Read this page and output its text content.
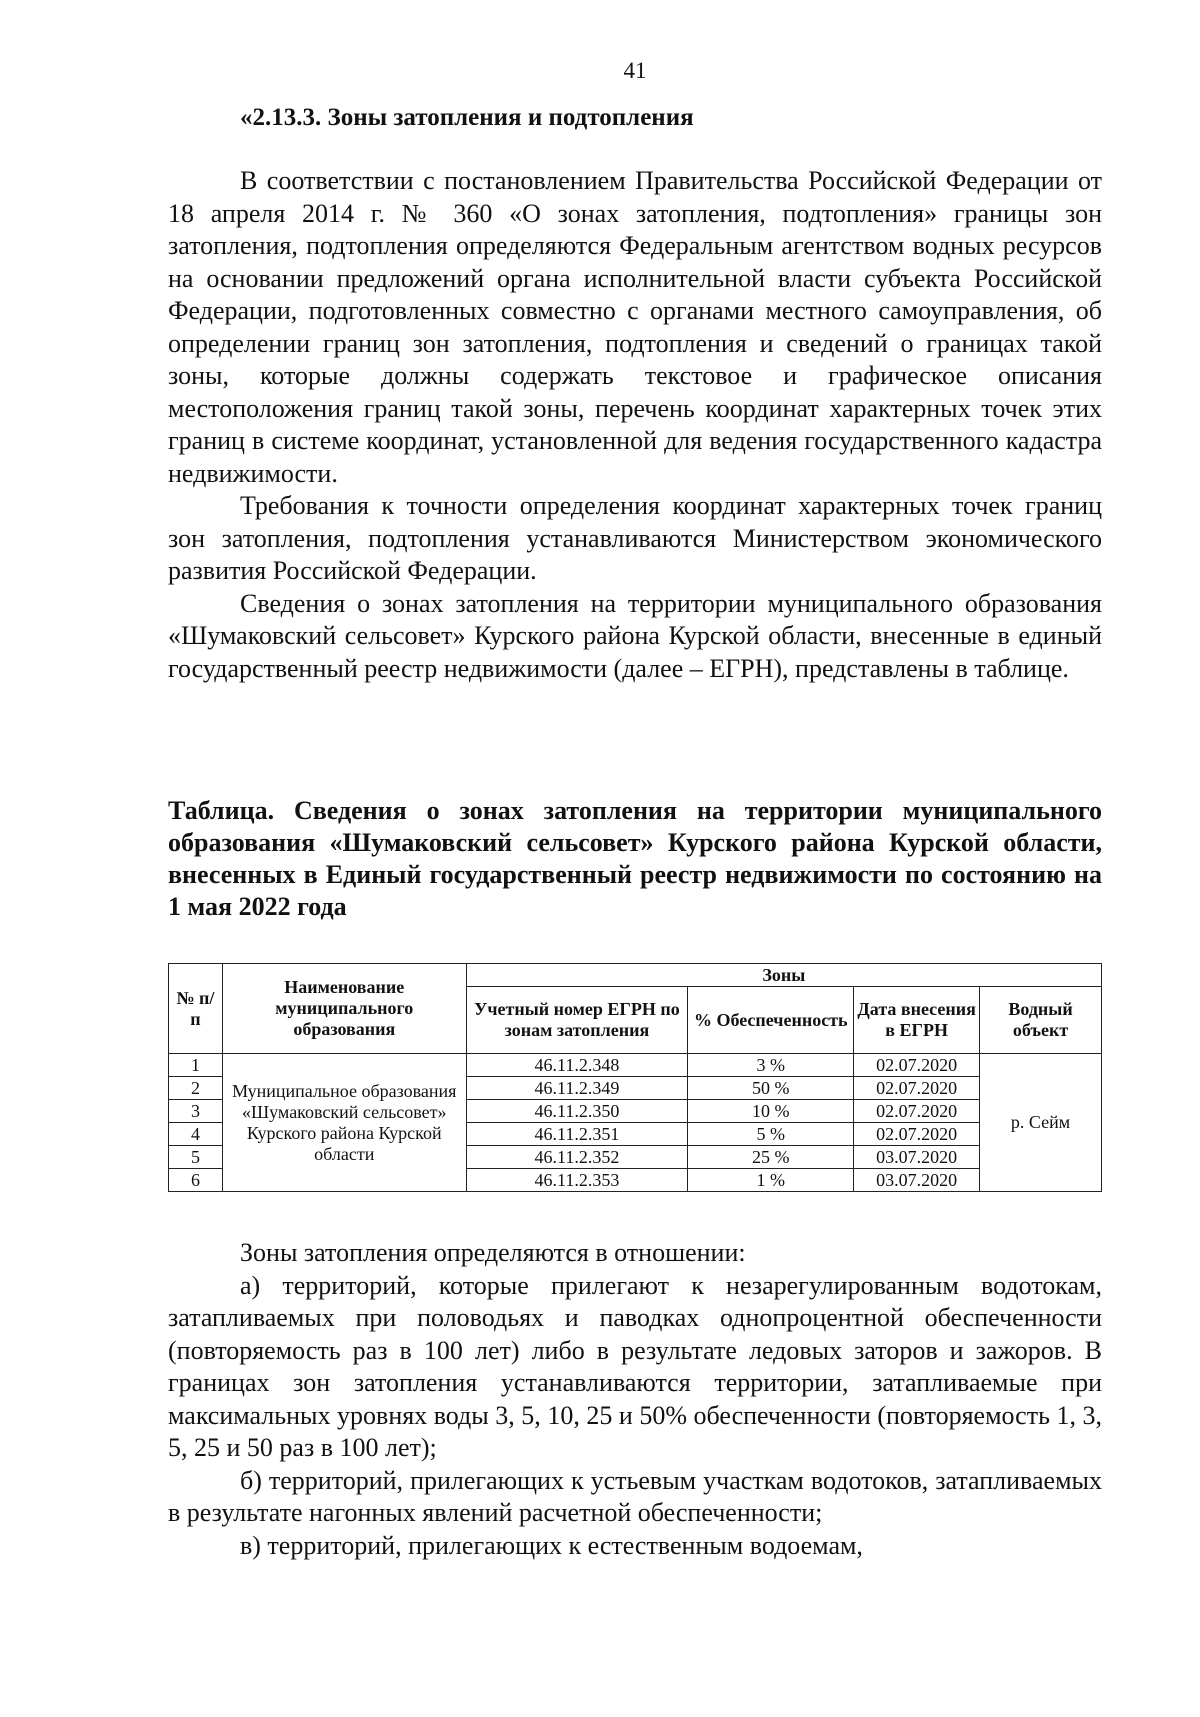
41
«2.13.3. Зоны затопления и подтопления

В соответствии с постановлением Правительства Российской Федерации от 18 апреля 2014 г. № 360 «О зонах затопления, подтопления» границы зон затопления, подтопления определяются Федеральным агентством водных ресурсов на основании предложений органа исполнительной власти субъекта Российской Федерации, подготовленных совместно с органами местного самоуправления, об определении границ зон затопления, подтопления и сведений о границах такой зоны, которые должны содержать текстовое и графическое описания местоположения границ такой зоны, перечень координат характерных точек этих границ в системе координат, установленной для ведения государственного кадастра недвижимости.

Требования к точности определения координат характерных точек границ зон затопления, подтопления устанавливаются Министерством экономического развития Российской Федерации.

Сведения о зонах затопления на территории муниципального образования «Шумаковский сельсовет» Курского района Курской области, внесенные в единый государственный реестр недвижимости (далее – ЕГРН), представлены в таблице.

Таблица. Сведения о зонах затопления на территории муниципального образования «Шумаковский сельсовет» Курского района Курской области, внесенных в Единый государственный реестр недвижимости по состоянию на 1 мая 2022 года

№ п/п	Наименование муниципального образования	Зоны			
		Учетный номер ЕГРН по зонам затопления	% Обеспеченность	Дата внесения в ЕГРН	Водный объект
1	Муниципальное образования «Шумаковский сельсовет» Курского района Курской области	46.11.2.348	3 %	02.07.2020	р. Сейм
2		46.11.2.349	50 %	02.07.2020	
3		46.11.2.350	10 %	02.07.2020	
4		46.11.2.351	5 %	02.07.2020	
5		46.11.2.352	25 %	03.07.2020	
6		46.11.2.353	1 %	03.07.2020	

Зоны затопления определяются в отношении:

а) территорий, которые прилегают к незарегулированным водотокам, затапливаемых при половодьях и паводках однопроцентной обеспеченности (повторяемость раз в 100 лет) либо в результате ледовых заторов и зажоров. В границах зон затопления устанавливаются территории, затапливаемые при максимальных уровнях воды 3, 5, 10, 25 и 50% обеспеченности (повторяемость 1, 3, 5, 25 и 50 раз в 100 лет);

б) территорий, прилегающих к устьевым участкам водотоков, затапливаемых в результате нагонных явлений расчетной обеспеченности;

в) территорий, прилегающих к естественным водоемам,
